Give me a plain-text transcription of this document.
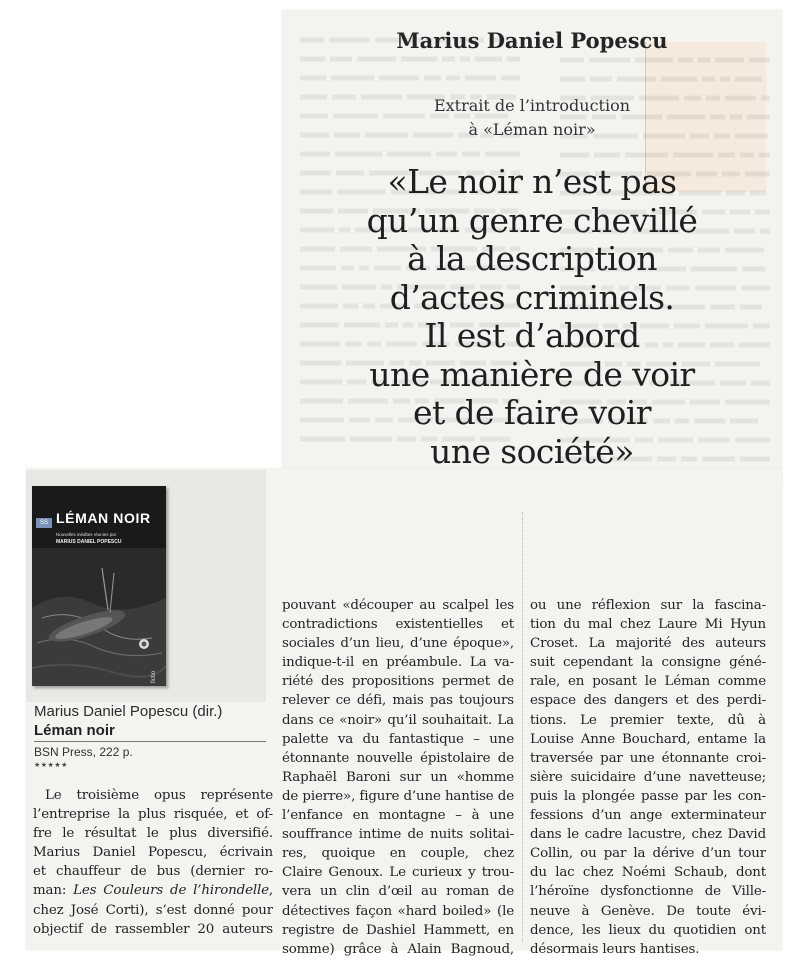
Marius Daniel Popescu
Extrait de l’introduction
à «Léman noir»
«Le noir n’est pas
qu’un genre chevillé
à la description
d’actes criminels.
Il est d’abord
une manière de voir
et de faire voir
une société»
SS LÉMAN NOIR
Nouvelles inédites réunies par
MARIUS DANIEL POPESCU
fictio
Marius Daniel Popescu (dir.)
Léman noir
BSN Press, 222 p.
★★★★★
Le troisième opus représente
l’entreprise la plus risquée, et of-
fre le résultat le plus diversifié.
Marius Daniel Popescu, écrivain
et chauffeur de bus (dernier ro-
man: Les Couleurs de l’hirondelle,
chez José Corti), s’est donné pour
objectif de rassembler 20 auteurs
pouvant «découper au scalpel les
contradictions existentielles et
sociales d’un lieu, d’une époque»,
indique-t-il en préambule. La va-
riété des propositions permet de
relever ce défi, mais pas toujours
dans ce «noir» qu’il souhaitait. La
palette va du fantastique – une
étonnante nouvelle épistolaire de
Raphaël Baroni sur un «homme
de pierre», figure d’une hantise de
l’enfance en montagne – à une
souffrance intime de nuits solitai-
res, quoique en couple, chez
Claire Genoux. Le curieux y trou-
vera un clin d’œil au roman de
détectives façon «hard boiled» (le
registre de Dashiel Hammett, en
somme) grâce à Alain Bagnoud,
ou une réflexion sur la fascina-
tion du mal chez Laure Mi Hyun
Croset. La majorité des auteurs
suit cependant la consigne géné-
rale, en posant le Léman comme
espace des dangers et des perdi-
tions. Le premier texte, dû à
Louise Anne Bouchard, entame la
traversée par une étonnante croi-
sière suicidaire d’une navetteuse;
puis la plongée passe par les con-
fessions d’un ange exterminateur
dans le cadre lacustre, chez David
Collin, ou par la dérive d’un tour
du lac chez Noémi Schaub, dont
l’héroïne dysfonctionne de Ville-
neuve à Genève. De toute évi-
dence, les lieux du quotidien ont
désormais leurs hantises.
